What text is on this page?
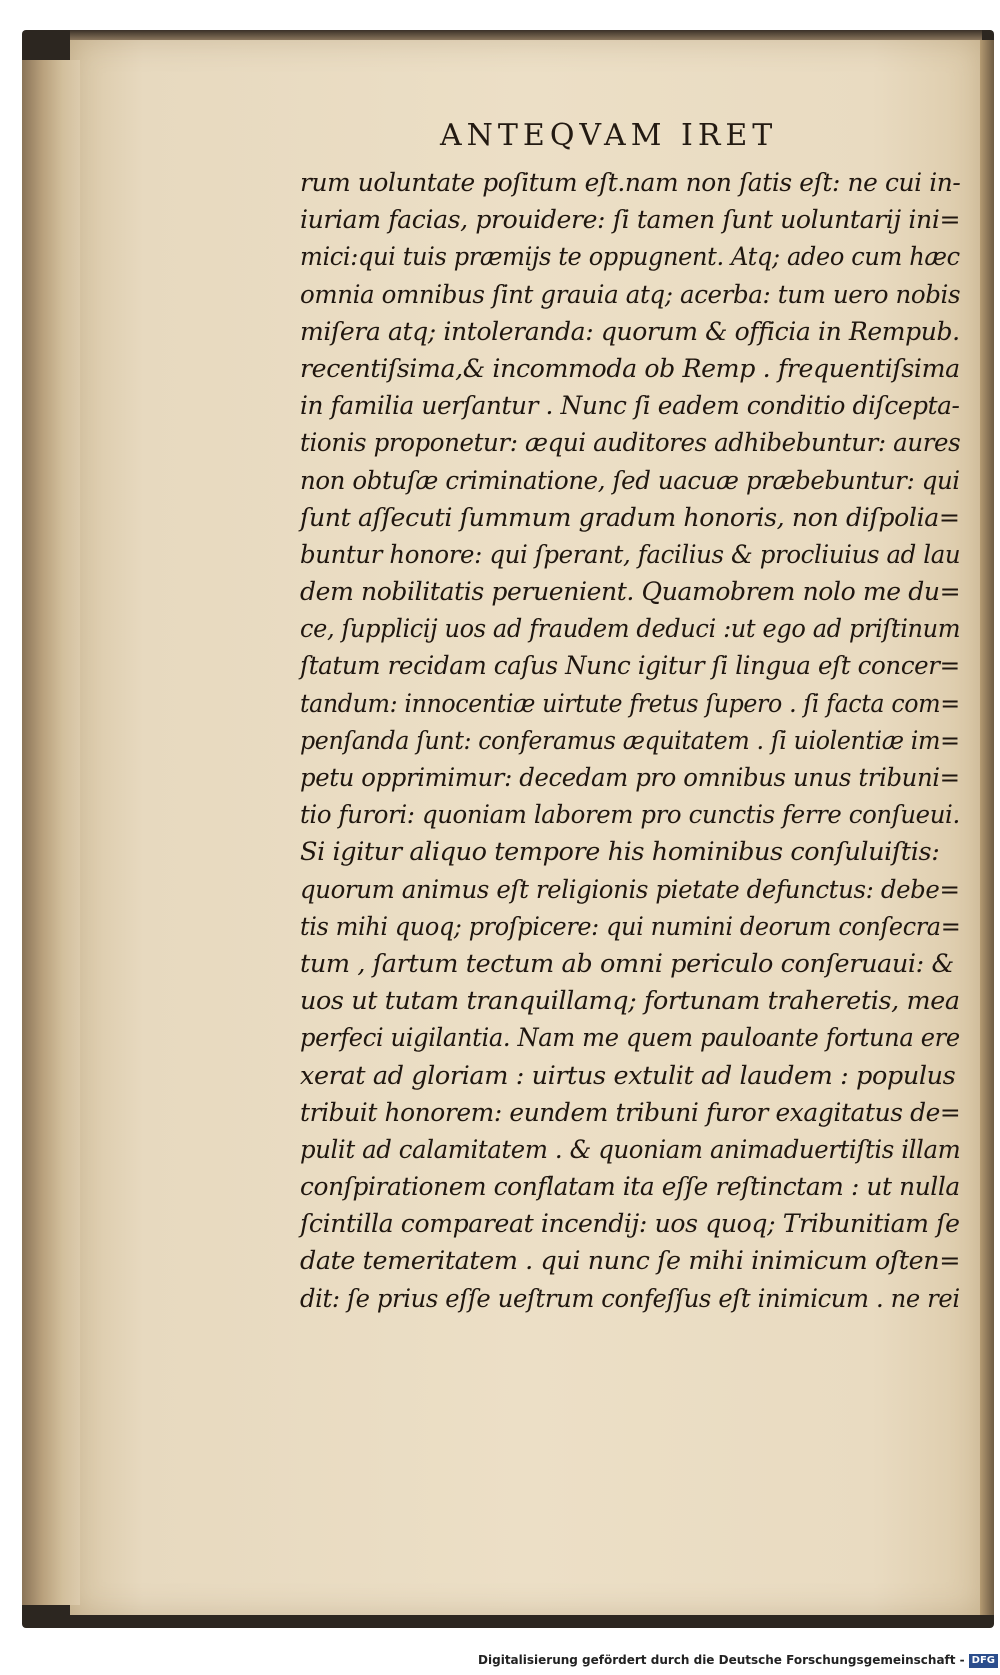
ANTEQVAM IRET
rum uoluntate poſitum eſt.nam non ſatis eſt: ne cui in-
iuriam facias, prouidere: ſi tamen ſunt uoluntarij ini=
mici:qui tuis præmijs te oppugnent. Atq; adeo cum hæc
omnia omnibus ſint grauia atq; acerba: tum uero nobis
miſera atq; intoleranda: quorum & officia in Rempub.
recentiſsima,& incommoda ob Remp . frequentiſsima
in familia uerſantur . Nunc ſi eadem conditio diſcepta-
tionis proponetur: æqui auditores adhibebuntur: aures
non obtuſæ criminatione, ſed uacuæ præbebuntur: qui
ſunt aſſecuti ſummum gradum honoris, non diſpolia=
buntur honore: qui ſperant, facilius & procliuius ad lau
dem nobilitatis peruenient. Quamobrem nolo me du=
ce, ſupplicij uos ad fraudem deduci :ut ego ad priſtinum
ſtatum recidam caſus Nunc igitur ſi lingua eſt concer=
tandum: innocentiæ uirtute fretus ſupero . ſi facta com=
penſanda ſunt: conferamus æquitatem . ſi uiolentiæ im=
petu opprimimur: decedam pro omnibus unus tribuni=
tio furori: quoniam laborem pro cunctis ferre conſueui.
Si igitur aliquo tempore his hominibus conſuluiſtis:
quorum animus eſt religionis pietate defunctus: debe=
tis mihi quoq; proſpicere: qui numini deorum conſecra=
tum , ſartum tectum ab omni periculo conſeruaui: &
uos ut tutam tranquillamq; fortunam traheretis, mea
perfeci uigilantia. Nam me quem pauloante fortuna ere
xerat ad gloriam : uirtus extulit ad laudem : populus
tribuit honorem: eundem tribuni furor exagitatus de=
pulit ad calamitatem . & quoniam animaduertiſtis illam
conſpirationem conflatam ita eſſe reſtinctam : ut nulla
ſcintilla compareat incendij: uos quoq; Tribunitiam ſe
date temeritatem . qui nunc ſe mihi inimicum oſten=
dit: ſe prius eſſe ueſtrum confeſſus eſt inimicum . ne rei
Digitalisierung gefördert durch die Deutsche Forschungsgemeinschaft - DFG
